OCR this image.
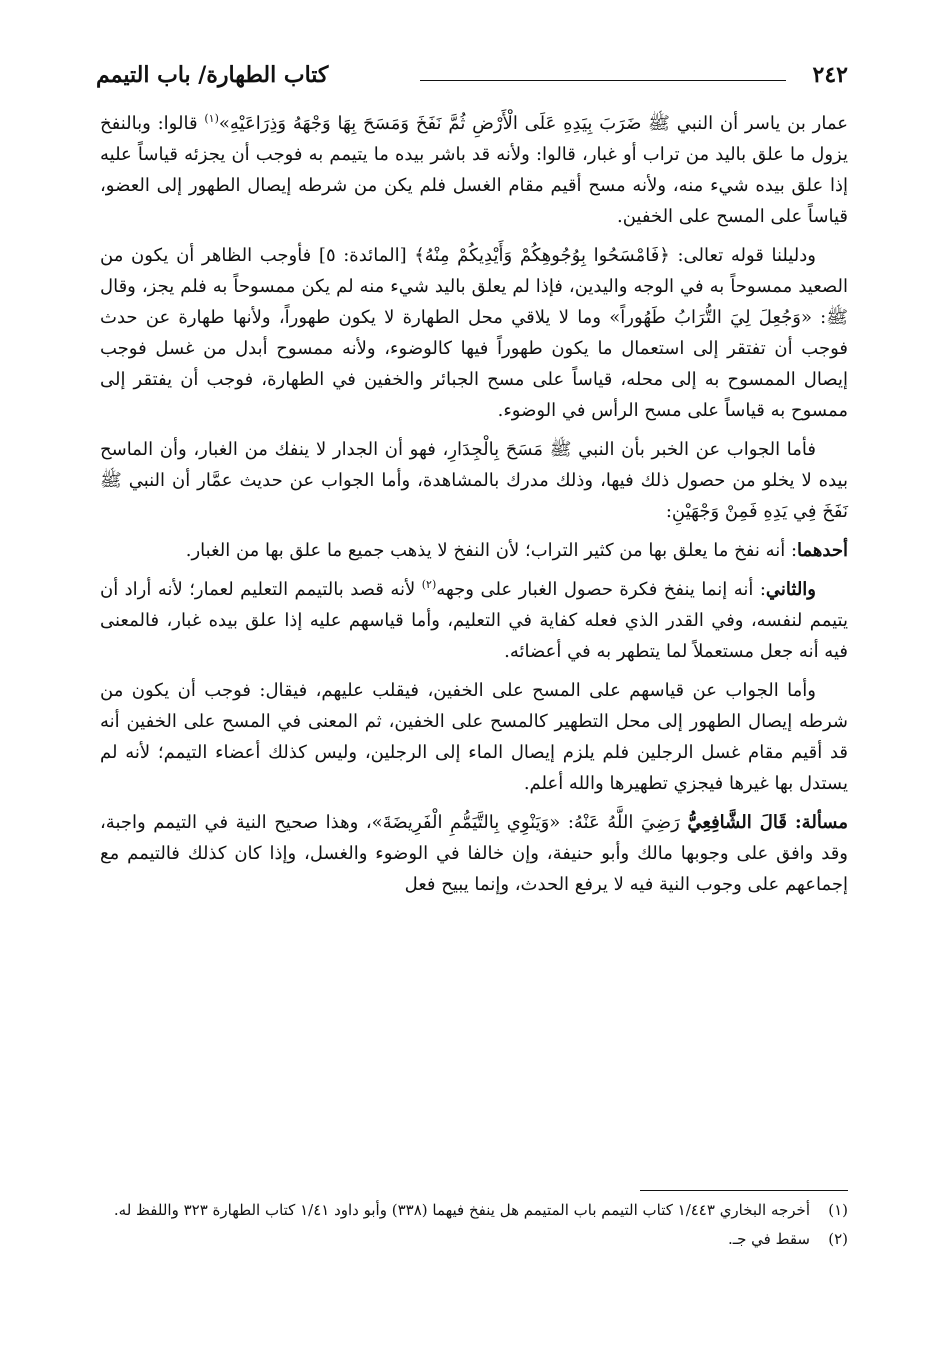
٢٤٢
كتاب الطهارة/ باب التيمم

عمار بن ياسر أن النبي ﷺ ضَرَبَ بِيَدِهِ عَلَى الْأَرْضِ ثُمَّ نَفَخَ وَمَسَحَ بِهَا وَجْهَهُ وَذِرَاعَيْهِ»$^{(١)}$ قالوا: وبالنفخ يزول ما علق باليد من تراب أو غبار، قالوا: ولأنه قد باشر بيده ما يتيمم به فوجب أن يجزئه قياساً عليه إذا علق بيده شيء منه، ولأنه مسح أقيم مقام الغسل فلم يكن من شرطه إيصال الطهور إلى العضو، قياساً على المسح على الخفين.

ودليلنا قوله تعالى: ﴿فَامْسَحُوا بِوُجُوهِكُمْ وَأَيْدِيكُمْ مِنْهُ﴾ [المائدة: ٥] فأوجب الظاهر أن يكون من الصعيد ممسوحاً به في الوجه واليدين، فإذا لم يعلق باليد شيء منه لم يكن ممسوحاً به فلم يجز، وقال ﷺ: «وَجُعِلَ لِيَ التُّرَابُ طَهُوراً» وما لا يلاقي محل الطهارة لا يكون طهوراً، ولأنها طهارة عن حدث فوجب أن تفتقر إلى استعمال ما يكون طهوراً فيها كالوضوء، ولأنه ممسوح أبدل من غسل فوجب إيصال الممسوح به إلى محله، قياساً على مسح الجبائر والخفين في الطهارة، فوجب أن يفتقر إلى ممسوح به قياساً على مسح الرأس في الوضوء.

فأما الجواب عن الخبر بأن النبي ﷺ مَسَحَ بِالْجِدَارِ، فهو أن الجدار لا ينفك من الغبار، وأن الماسح بيده لا يخلو من حصول ذلك فيها، وذلك مدرك بالمشاهدة، وأما الجواب عن حديث عمَّار أن النبي ﷺ نَفَخَ فِي يَدِهِ فَمِنْ وَجْهَيْنِ:

أحدهما: أنه نفخ ما يعلق بها من كثير التراب؛ لأن النفخ لا يذهب جميع ما علق بها من الغبار.

والثاني: أنه إنما ينفخ فكرة حصول الغبار على وجهه$^{(٢)}$ لأنه قصد بالتيمم التعليم لعمار؛ لأنه أراد أن يتيمم لنفسه، وفي القدر الذي فعله كفاية في التعليم، وأما قياسهم عليه إذا علق بيده غبار، فالمعنى فيه أنه جعل مستعملاً لما يتطهر به في أعضائه.

وأما الجواب عن قياسهم على المسح على الخفين، فيقلب عليهم، فيقال: فوجب أن يكون من شرطه إيصال الطهور إلى محل التطهير كالمسح على الخفين، ثم المعنى في المسح على الخفين أنه قد أقيم مقام غسل الرجلين فلم يلزم إيصال الماء إلى الرجلين، وليس كذلك أعضاء التيمم؛ لأنه لم يستدل بها غيرها فيجزي تطهيرها والله أعلم.

مسألة: قَالَ الشَّافِعِيُّ رَضِيَ اللَّهُ عَنْهُ: «وَيَنْوِي بِالتَّيَمُّمِ الْفَرِيضَةَ»، وهذا صحيح النية في التيمم واجبة، وقد وافق على وجوبها مالك وأبو حنيفة، وإن خالفا في الوضوء والغسل، وإذا كان كذلك فالتيمم مع إجماعهم على وجوب النية فيه لا يرفع الحدث، وإنما يبيح فعل

(١)
أخرجه البخاري ١/٤٤٣ كتاب التيمم باب المتيمم هل ينفخ فيهما (٣٣٨) وأبو داود ١/٤١ كتاب الطهارة ٣٢٣ واللفظ له.
(٢)
سقط في جـ.
